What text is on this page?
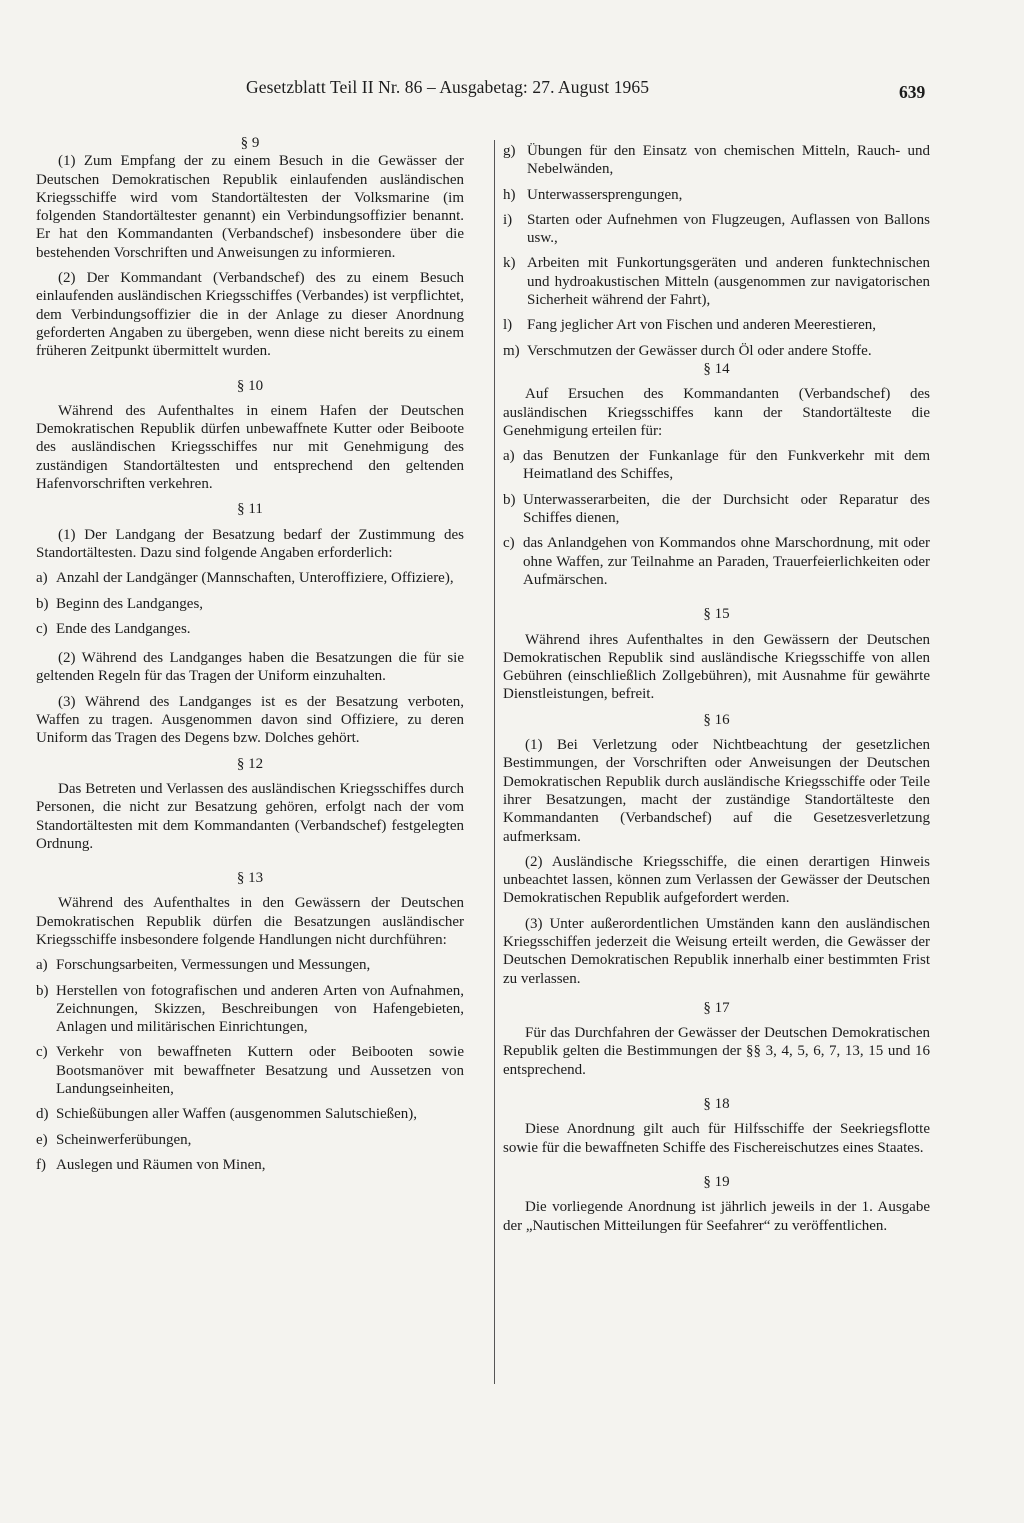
Gesetzblatt Teil II Nr. 86 – Ausgabetag: 27. August 1965	639

§ 9

(1) Zum Empfang der zu einem Besuch in die Gewässer der Deutschen Demokratischen Republik einlaufenden ausländischen Kriegsschiffe wird vom Standortältesten der Volksmarine (im folgenden Standortältester genannt) ein Verbindungsoffizier benannt. Er hat den Kommandanten (Verbandschef) insbesondere über die bestehenden Vorschriften und Anweisungen zu informieren.

(2) Der Kommandant (Verbandschef) des zu einem Besuch einlaufenden ausländischen Kriegsschiffes (Verbandes) ist verpflichtet, dem Verbindungsoffizier die in der Anlage zu dieser Anordnung geforderten Angaben zu übergeben, wenn diese nicht bereits zu einem früheren Zeitpunkt übermittelt wurden.

§ 10

Während des Aufenthaltes in einem Hafen der Deutschen Demokratischen Republik dürfen unbewaffnete Kutter oder Beiboote des ausländischen Kriegsschiffes nur mit Genehmigung des zuständigen Standortältesten und entsprechend den geltenden Hafenvorschriften verkehren.

§ 11

(1) Der Landgang der Besatzung bedarf der Zustimmung des Standortältesten. Dazu sind folgende Angaben erforderlich:

a) Anzahl der Landgänger (Mannschaften, Unteroffiziere, Offiziere),
b) Beginn des Landganges,
c) Ende des Landganges.

(2) Während des Landganges haben die Besatzungen die für sie geltenden Regeln für das Tragen der Uniform einzuhalten.

(3) Während des Landganges ist es der Besatzung verboten, Waffen zu tragen. Ausgenommen davon sind Offiziere, zu deren Uniform das Tragen des Degens bzw. Dolches gehört.

§ 12

Das Betreten und Verlassen des ausländischen Kriegsschiffes durch Personen, die nicht zur Besatzung gehören, erfolgt nach der vom Standortältesten mit dem Kommandanten (Verbandschef) festgelegten Ordnung.

§ 13

Während des Aufenthaltes in den Gewässern der Deutschen Demokratischen Republik dürfen die Besatzungen ausländischer Kriegsschiffe insbesondere folgende Handlungen nicht durchführen:

a) Forschungsarbeiten, Vermessungen und Messungen,
b) Herstellen von fotografischen und anderen Arten von Aufnahmen, Zeichnungen, Skizzen, Beschreibungen von Hafengebieten, Anlagen und militärischen Einrichtungen,
c) Verkehr von bewaffneten Kuttern oder Beibooten sowie Bootsmanöver mit bewaffneter Besatzung und Aussetzen von Landungseinheiten,
d) Schießübungen aller Waffen (ausgenommen Salutschießen),
e) Scheinwerferübungen,
f) Auslegen und Räumen von Minen,
g) Übungen für den Einsatz von chemischen Mitteln, Rauch- und Nebelwänden,
h) Unterwassersprengungen,
i) Starten oder Aufnehmen von Flugzeugen, Auflassen von Ballons usw.,
k) Arbeiten mit Funkortungsgeräten und anderen funktechnischen und hydroakustischen Mitteln (ausgenommen zur navigatorischen Sicherheit während der Fahrt),
l) Fang jeglicher Art von Fischen und anderen Meerestieren,
m) Verschmutzen der Gewässer durch Öl oder andere Stoffe.

§ 14

Auf Ersuchen des Kommandanten (Verbandschef) des ausländischen Kriegsschiffes kann der Standortälteste die Genehmigung erteilen für:

a) das Benutzen der Funkanlage für den Funkverkehr mit dem Heimatland des Schiffes,
b) Unterwasserarbeiten, die der Durchsicht oder Reparatur des Schiffes dienen,
c) das Anlandgehen von Kommandos ohne Marschordnung, mit oder ohne Waffen, zur Teilnahme an Paraden, Trauerfeierlichkeiten oder Aufmärschen.

§ 15

Während ihres Aufenthaltes in den Gewässern der Deutschen Demokratischen Republik sind ausländische Kriegsschiffe von allen Gebühren (einschließlich Zollgebühren), mit Ausnahme für gewährte Dienstleistungen, befreit.

§ 16

(1) Bei Verletzung oder Nichtbeachtung der gesetzlichen Bestimmungen, der Vorschriften oder Anweisungen der Deutschen Demokratischen Republik durch ausländische Kriegsschiffe oder Teile ihrer Besatzungen, macht der zuständige Standortälteste den Kommandanten (Verbandschef) auf die Gesetzesverletzung aufmerksam.

(2) Ausländische Kriegsschiffe, die einen derartigen Hinweis unbeachtet lassen, können zum Verlassen der Gewässer der Deutschen Demokratischen Republik aufgefordert werden.

(3) Unter außerordentlichen Umständen kann den ausländischen Kriegsschiffen jederzeit die Weisung erteilt werden, die Gewässer der Deutschen Demokratischen Republik innerhalb einer bestimmten Frist zu verlassen.

§ 17

Für das Durchfahren der Gewässer der Deutschen Demokratischen Republik gelten die Bestimmungen der §§ 3, 4, 5, 6, 7, 13, 15 und 16 entsprechend.

§ 18

Diese Anordnung gilt auch für Hilfsschiffe der Seekriegsflotte sowie für die bewaffneten Schiffe des Fischereischutzes eines Staates.

§ 19

Die vorliegende Anordnung ist jährlich jeweils in der 1. Ausgabe der „Nautischen Mitteilungen für Seefahrer“ zu veröffentlichen.
